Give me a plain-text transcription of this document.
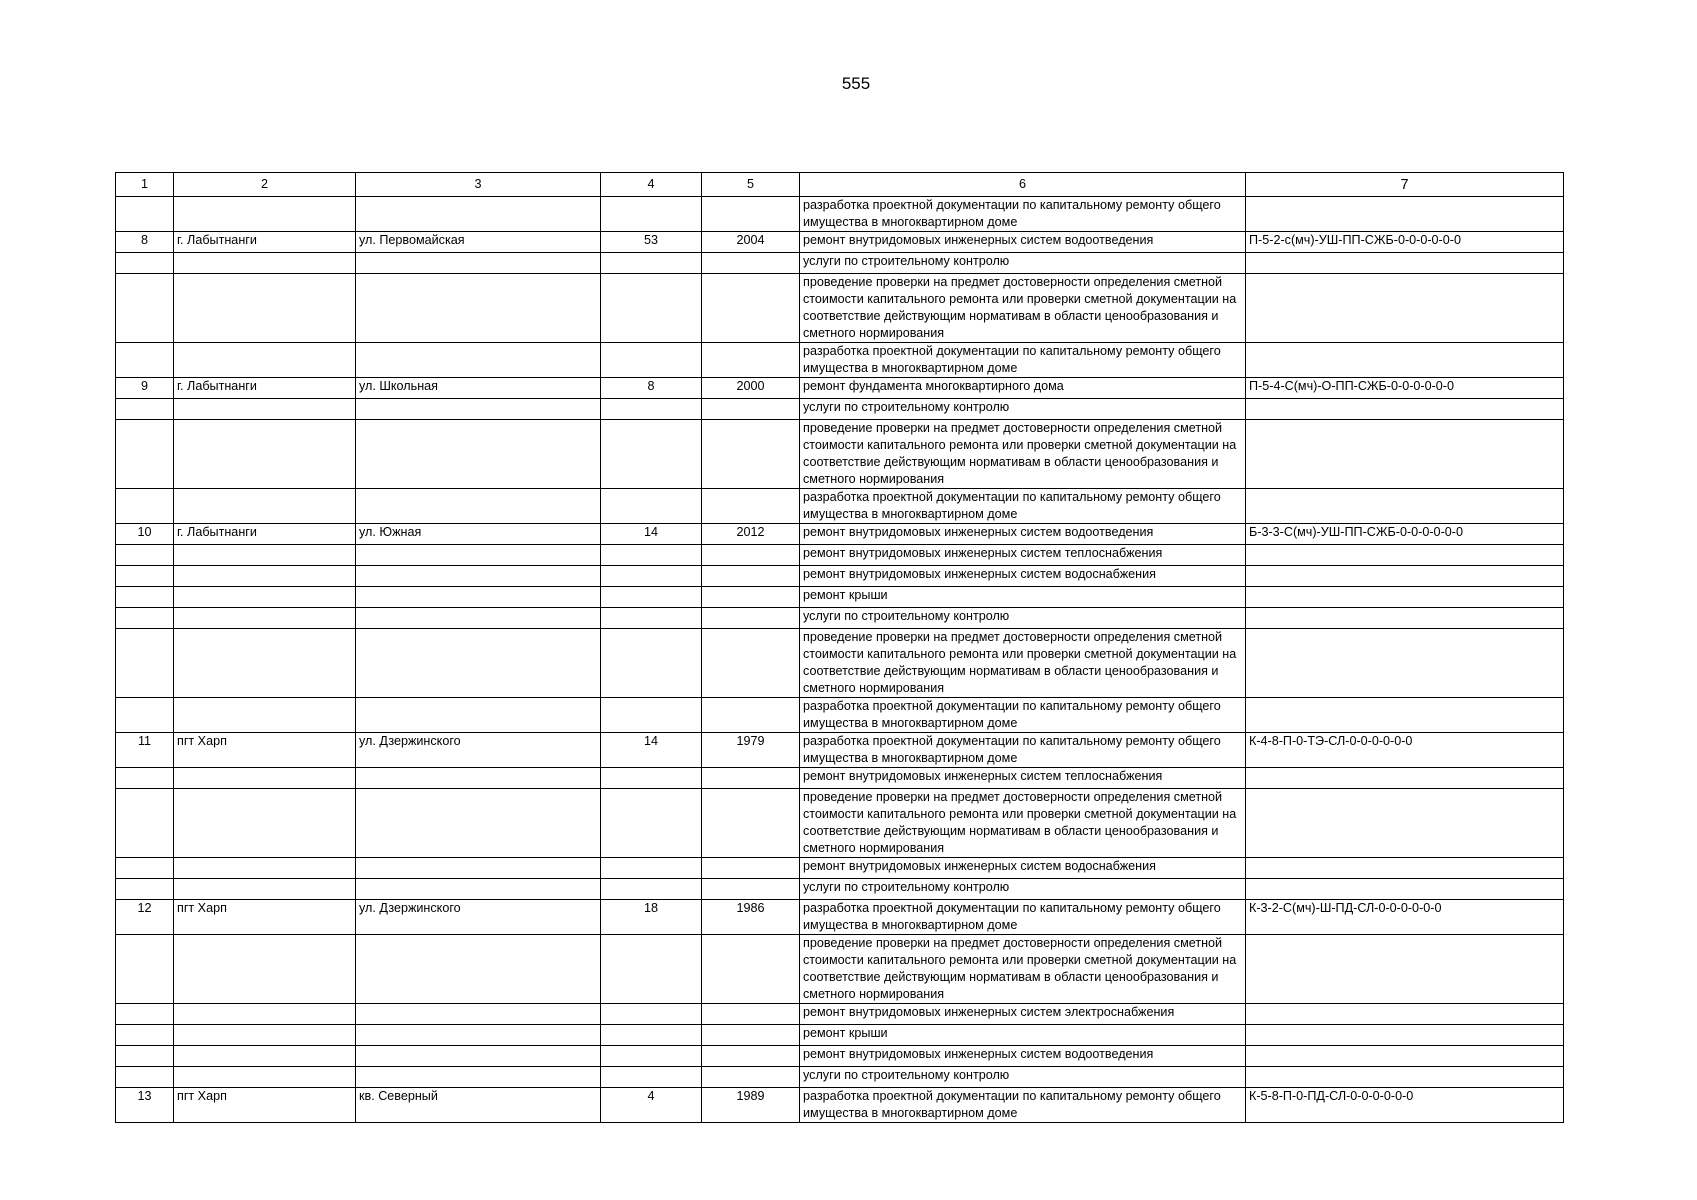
555
1	2	3	4	5	6	7
					разработка проектной документации по капитальному ремонту общего имущества в многоквартирном доме	
8	г. Лабытнанги	ул. Первомайская	53	2004	ремонт внутридомовых инженерных систем водоотведения	П-5-2-с(мч)-УШ-ПП-СЖБ-0-0-0-0-0-0
					услуги по строительному контролю	
					проведение проверки на предмет достоверности определения сметной стоимости капитального ремонта или проверки сметной документации на соответствие действующим нормативам в области ценообразования и сметного нормирования	
					разработка проектной документации по капитальному ремонту общего имущества в многоквартирном доме	
9	г. Лабытнанги	ул. Школьная	8	2000	ремонт фундамента многоквартирного дома	П-5-4-С(мч)-О-ПП-СЖБ-0-0-0-0-0-0
					услуги по строительному контролю	
					проведение проверки на предмет достоверности определения сметной стоимости капитального ремонта или проверки сметной документации на соответствие действующим нормативам в области ценообразования и сметного нормирования	
					разработка проектной документации по капитальному ремонту общего имущества в многоквартирном доме	
10	г. Лабытнанги	ул. Южная	14	2012	ремонт внутридомовых инженерных систем водоотведения	Б-3-3-С(мч)-УШ-ПП-СЖБ-0-0-0-0-0-0
					ремонт внутридомовых инженерных систем теплоснабжения	
					ремонт внутридомовых инженерных систем водоснабжения	
					ремонт крыши	
					услуги по строительному контролю	
					проведение проверки на предмет достоверности определения сметной стоимости капитального ремонта или проверки сметной документации на соответствие действующим нормативам в области ценообразования и сметного нормирования	
					разработка проектной документации по капитальному ремонту общего имущества в многоквартирном доме	
11	пгт Харп	ул. Дзержинского	14	1979	разработка проектной документации по капитальному ремонту общего имущества в многоквартирном доме	К-4-8-П-0-ТЭ-СЛ-0-0-0-0-0-0
					ремонт внутридомовых инженерных систем теплоснабжения	
					проведение проверки на предмет достоверности определения сметной стоимости капитального ремонта или проверки сметной документации на соответствие действующим нормативам в области ценообразования и сметного нормирования	
					ремонт внутридомовых инженерных систем водоснабжения	
					услуги по строительному контролю	
12	пгт Харп	ул. Дзержинского	18	1986	разработка проектной документации по капитальному ремонту общего имущества в многоквартирном доме	К-3-2-С(мч)-Ш-ПД-СЛ-0-0-0-0-0-0
					проведение проверки на предмет достоверности определения сметной стоимости капитального ремонта или проверки сметной документации на соответствие действующим нормативам в области ценообразования и сметного нормирования	
					ремонт внутридомовых инженерных систем электроснабжения	
					ремонт крыши	
					ремонт внутридомовых инженерных систем водоотведения	
					услуги по строительному контролю	
13	пгт Харп	кв. Северный	4	1989	разработка проектной документации по капитальному ремонту общего имущества в многоквартирном доме	К-5-8-П-0-ПД-СЛ-0-0-0-0-0-0
